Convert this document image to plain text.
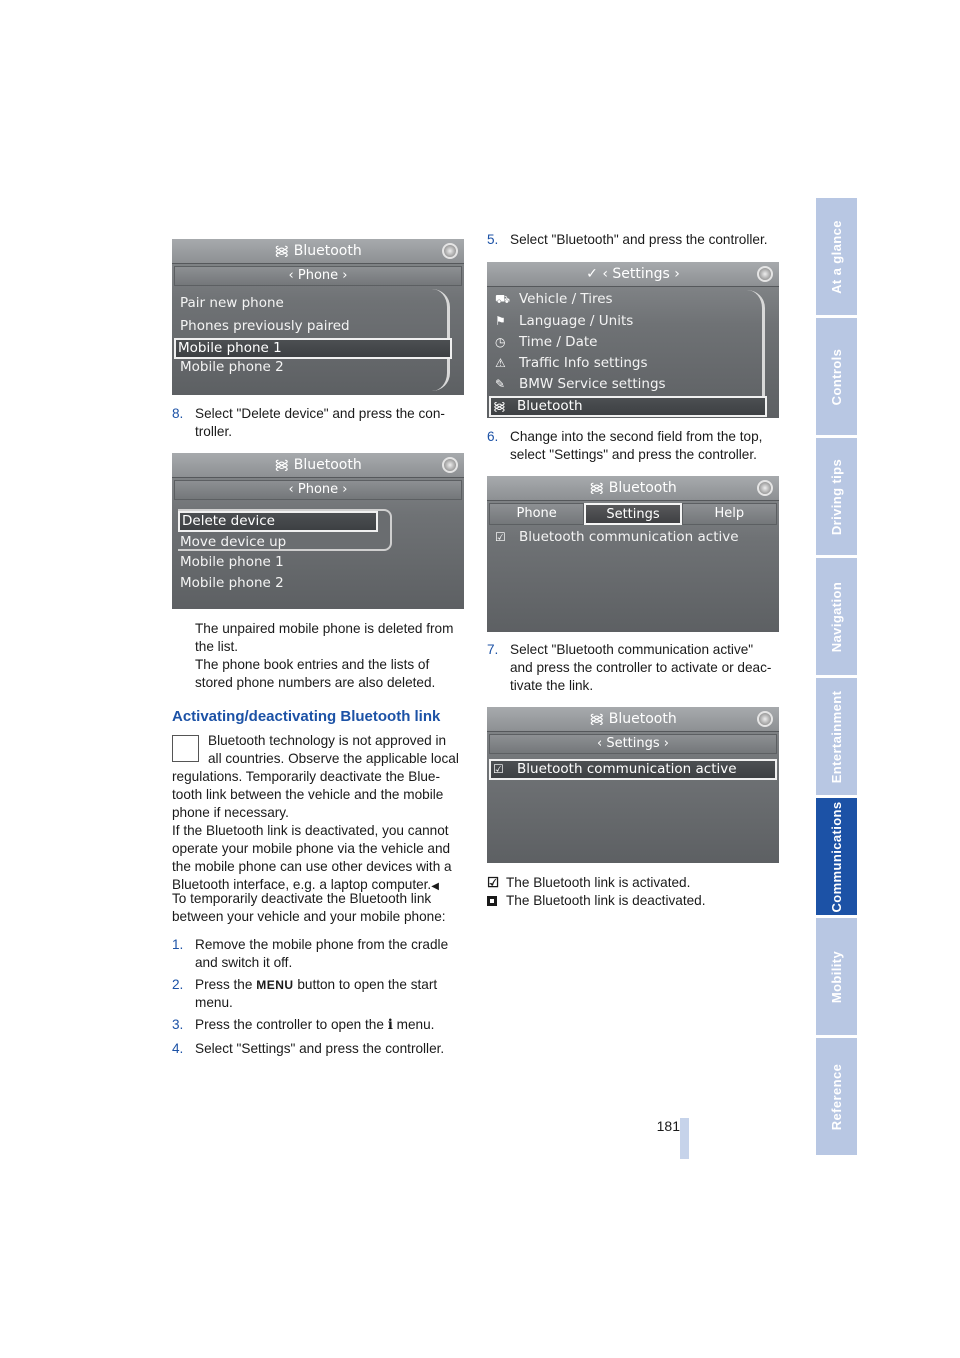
At a glance
Controls
Driving tips
Navigation
Entertainment
Communications
Mobility
Reference
᯼ Bluetooth
‹ Phone ›
Pair new phone
Phones previously paired
Mobile phone 1
Mobile phone 2
8. Select "Delete device" and press the con- troller.
᯼ Bluetooth
‹ Phone ›
Delete device
Move device up
Mobile phone 1
Mobile phone 2
The unpaired mobile phone is deleted from the list.
The phone book entries and the lists of stored phone numbers are also deleted.
Activating/deactivating Bluetooth link
Bluetooth technology is not approved in
all countries. Observe the applicable local regulations. Temporarily deactivate the Blue- tooth link between the vehicle and the mobile phone if necessary.
If the Bluetooth link is deactivated, you cannot operate your mobile phone via the vehicle and the mobile phone can use other devices with a Bluetooth interface, e.g. a laptop computer.◀
To temporarily deactivate the Bluetooth link between your vehicle and your mobile phone:
1. Remove the mobile phone from the cradle and switch it off.
2. Press the MENU button to open the start menu.
3. Press the controller to open the i menu.
4. Select "Settings" and press the controller.
5. Select "Bluetooth" and press the controller.
✓ ‹ Settings ›
⛟ Vehicle / Tires
⚑ Language / Units
◷ Time / Date
⚠ Traffic Info settings
✎ BMW Service settings
᯼ Bluetooth
6. Change into the second field from the top, select "Settings" and press the controller.
᯼ Bluetooth
Phone	Settings	Help
☑ Bluetooth communication active
7. Select "Bluetooth communication active" and press the controller to activate or deac- tivate the link.
᯼ Bluetooth
‹ Settings ›
☑ Bluetooth communication active
☑ The Bluetooth link is activated.
The Bluetooth link is deactivated.
181
